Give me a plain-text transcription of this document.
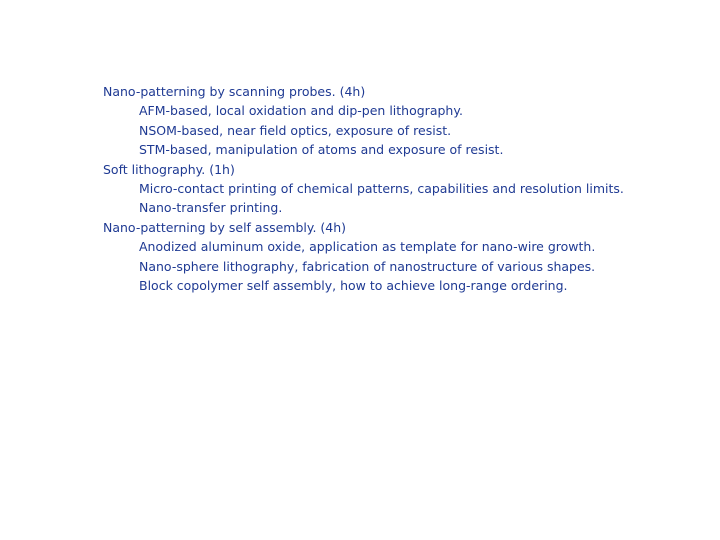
Nano-patterning by scanning probes. (4h)
AFM-based, local oxidation and dip-pen lithography.
NSOM-based, near field optics, exposure of resist.
STM-based, manipulation of atoms and exposure of resist.
Soft lithography. (1h)
Micro-contact printing of chemical patterns, capabilities and resolution limits.
Nano-transfer printing.
Nano-patterning by self assembly. (4h)
Anodized aluminum oxide, application as template for nano-wire growth.
Nano-sphere lithography, fabrication of nanostructure of various shapes.
Block copolymer self assembly, how to achieve long-range ordering.
